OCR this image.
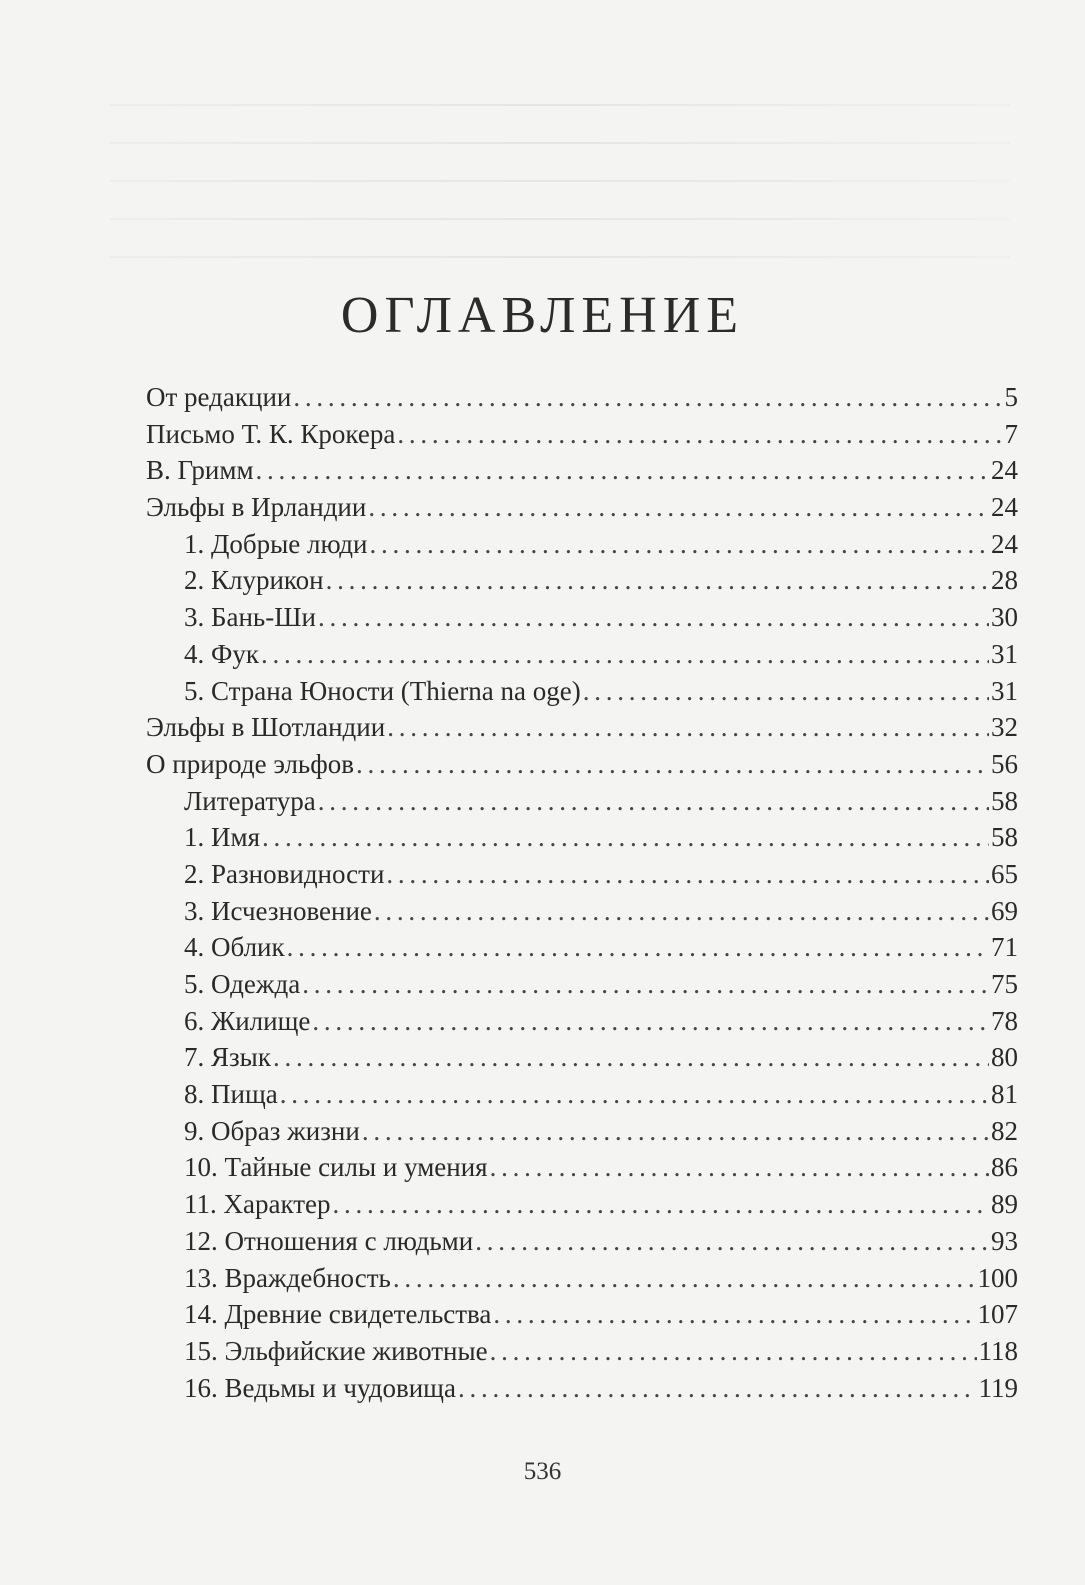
ОГЛАВЛЕНИЕ
От редакции . . .	5
Письмо Т. К. Крокера . . .	7
В. Гримм . . .	24
Эльфы в Ирландии . . .	24
1. Добрые люди . . .	24
2. Клурикон . . .	28
3. Бань-Ши . . .	30
4. Фук . . .	31
5. Страна Юности (Thierna na oge) . . .	31
Эльфы в Шотландии . . .	32
О природе эльфов . . .	56
Литература . . .	58
1. Имя . . .	58
2. Разновидности . . .	65
3. Исчезновение . . .	69
4. Облик . . .	71
5. Одежда . . .	75
6. Жилище . . .	78
7. Язык . . .	80
8. Пища . . .	81
9. Образ жизни . . .	82
10. Тайные силы и умения . . .	86
11. Характер . . .	89
12. Отношения с людьми . . .	93
13. Враждебность . . .	100
14. Древние свидетельства . . .	107
15. Эльфийские животные . . .	118
16. Ведьмы и чудовища . . .	119
536
